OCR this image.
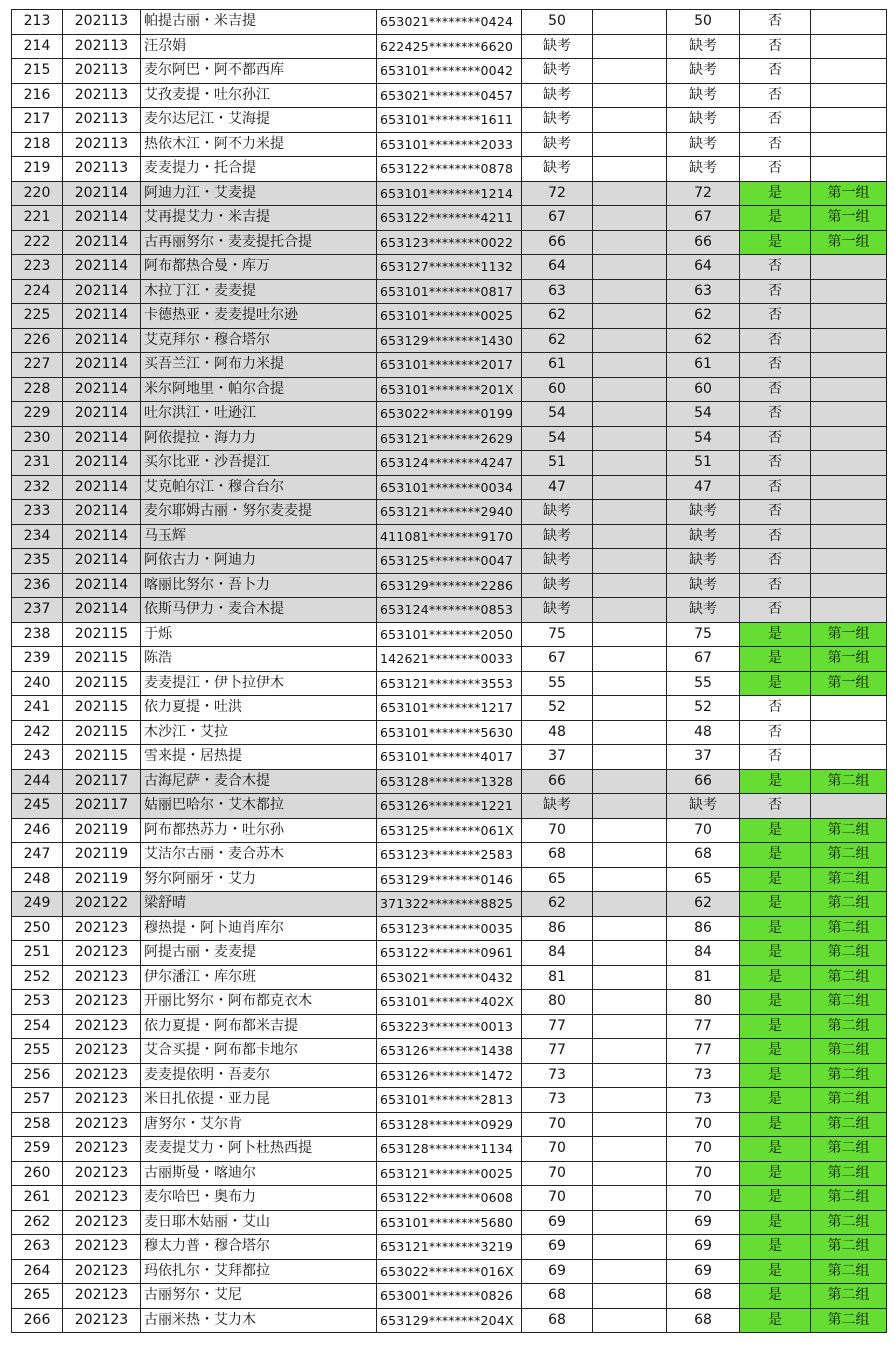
213	202113	帕提古丽・米吉提	653021********0424	50		50	否	
214	202113	汪尕娟	622425********6620	缺考		缺考	否	
215	202113	麦尔阿巴・阿不都西库	653101********0042	缺考		缺考	否	
216	202113	艾孜麦提・吐尔孙江	653021********0457	缺考		缺考	否	
217	202113	麦尔达尼江・艾海提	653101********1611	缺考		缺考	否	
218	202113	热依木江・阿不力米提	653101********2033	缺考		缺考	否	
219	202113	麦麦提力・托合提	653122********0878	缺考		缺考	否	
220	202114	阿迪力江・艾麦提	653101********1214	72		72	是	第一组
221	202114	艾再提艾力・米吉提	653122********4211	67		67	是	第一组
222	202114	古再丽努尔・麦麦提托合提	653123********0022	66		66	是	第一组
223	202114	阿布都热合曼・库万	653127********1132	64		64	否	
224	202114	木拉丁江・麦麦提	653101********0817	63		63	否	
225	202114	卡德热亚・麦麦提吐尔逊	653101********0025	62		62	否	
226	202114	艾克拜尔・穆合塔尔	653129********1430	62		62	否	
227	202114	买吾兰江・阿布力米提	653101********2017	61		61	否	
228	202114	米尔阿地里・帕尔合提	653101********201X	60		60	否	
229	202114	吐尔洪江・吐逊江	653022********0199	54		54	否	
230	202114	阿依提拉・海力力	653121********2629	54		54	否	
231	202114	买尔比亚・沙吾提江	653124********4247	51		51	否	
232	202114	艾克帕尔江・穆合台尔	653101********0034	47		47	否	
233	202114	麦尔耶姆古丽・努尔麦麦提	653121********2940	缺考		缺考	否	
234	202114	马玉辉	411081********9170	缺考		缺考	否	
235	202114	阿依古力・阿迪力	653125********0047	缺考		缺考	否	
236	202114	喀丽比努尔・吾卜力	653129********2286	缺考		缺考	否	
237	202114	依斯马伊力・麦合木提	653124********0853	缺考		缺考	否	
238	202115	于烁	653101********2050	75		75	是	第一组
239	202115	陈浩	142621********0033	67		67	是	第一组
240	202115	麦麦提江・伊卜拉伊木	653121********3553	55		55	是	第一组
241	202115	依力夏提・吐洪	653101********1217	52		52	否	
242	202115	木沙江・艾拉	653101********5630	48		48	否	
243	202115	雪来提・居热提	653101********4017	37		37	否	
244	202117	古海尼萨・麦合木提	653128********1328	66		66	是	第二组
245	202117	姑丽巴哈尔・艾木都拉	653126********1221	缺考		缺考	否	
246	202119	阿布都热苏力・吐尔孙	653125********061X	70		70	是	第二组
247	202119	艾洁尔古丽・麦合苏木	653123********2583	68		68	是	第二组
248	202119	努尔阿丽牙・艾力	653129********0146	65		65	是	第二组
249	202122	梁舒晴	371322********8825	62		62	是	第二组
250	202123	穆热提・阿卜迪肖库尔	653123********0035	86		86	是	第二组
251	202123	阿提古丽・麦麦提	653122********0961	84		84	是	第二组
252	202123	伊尔潘江・库尔班	653021********0432	81		81	是	第二组
253	202123	开丽比努尔・阿布都克衣木	653101********402X	80		80	是	第二组
254	202123	依力夏提・阿布都米吉提	653223********0013	77		77	是	第二组
255	202123	艾合买提・阿布都卡地尔	653126********1438	77		77	是	第二组
256	202123	麦麦提依明・吾麦尔	653126********1472	73		73	是	第二组
257	202123	米日扎依提・亚力昆	653101********2813	73		73	是	第二组
258	202123	唐努尔・艾尔肯	653128********0929	70		70	是	第二组
259	202123	麦麦提艾力・阿卜杜热西提	653128********1134	70		70	是	第二组
260	202123	古丽斯曼・喀迪尔	653121********0025	70		70	是	第二组
261	202123	麦尔哈巴・奥布力	653122********0608	70		70	是	第二组
262	202123	麦日耶木姑丽・艾山	653101********5680	69		69	是	第二组
263	202123	穆太力普・穆合塔尔	653121********3219	69		69	是	第二组
264	202123	玛依扎尔・艾拜都拉	653022********016X	69		69	是	第二组
265	202123	古丽努尔・艾尼	653001********0826	68		68	是	第二组
266	202123	古丽米热・艾力木	653129********204X	68		68	是	第二组
